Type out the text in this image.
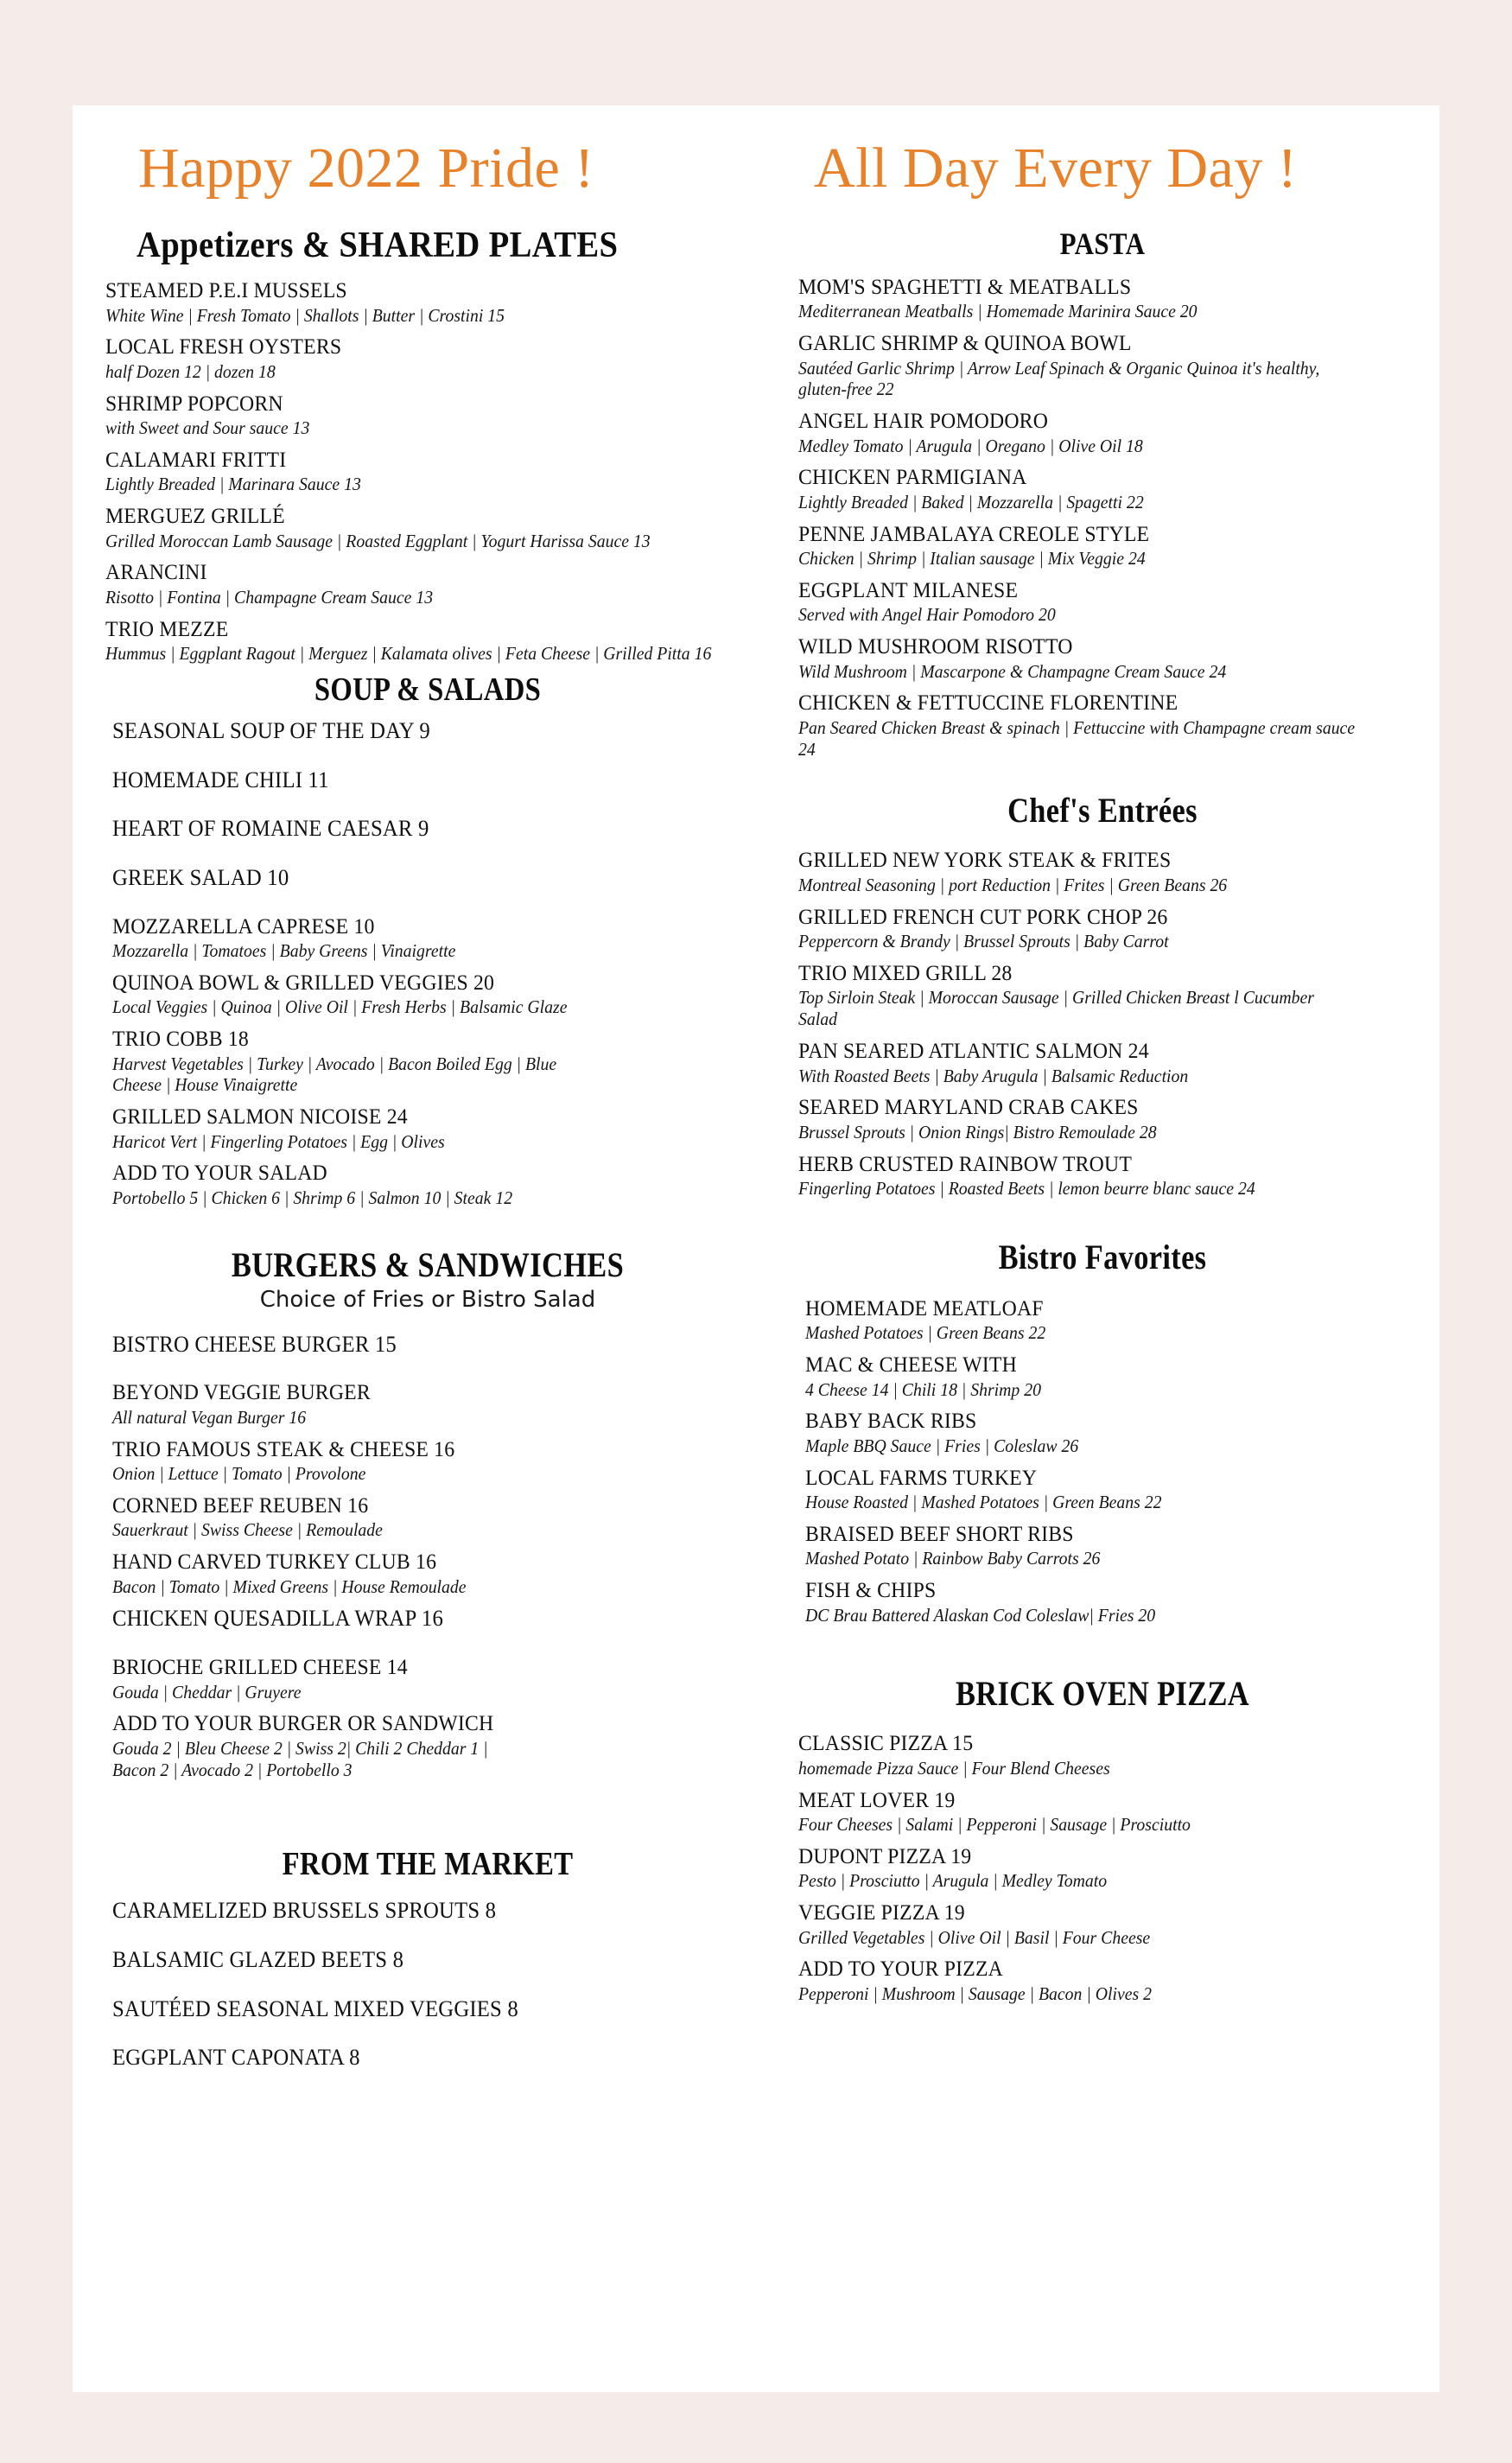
Happy 2022 Pride !
Appetizers & SHARED PLATES
STEAMED P.E.I MUSSELS
White Wine | Fresh Tomato | Shallots | Butter | Crostini 15
LOCAL FRESH OYSTERS
half Dozen 12 | dozen 18
SHRIMP POPCORN
with Sweet and Sour sauce 13
CALAMARI FRITTI
Lightly Breaded | Marinara Sauce 13
MERGUEZ GRILLÉ
Grilled Moroccan Lamb Sausage | Roasted Eggplant | Yogurt Harissa Sauce 13
ARANCINI
Risotto | Fontina | Champagne Cream Sauce 13
TRIO MEZZE
Hummus | Eggplant Ragout | Merguez | Kalamata olives | Feta Cheese | Grilled Pitta 16
SOUP & SALADS
SEASONAL SOUP OF THE DAY 9
HOMEMADE CHILI 11
HEART OF ROMAINE CAESAR 9
GREEK SALAD 10
MOZZARELLA CAPRESE 10
Mozzarella | Tomatoes | Baby Greens | Vinaigrette
QUINOA BOWL & GRILLED VEGGIES 20
Local Veggies | Quinoa | Olive Oil | Fresh Herbs | Balsamic Glaze
TRIO COBB 18
Harvest Vegetables | Turkey | Avocado | Bacon Boiled Egg | Blue Cheese | House Vinaigrette
GRILLED SALMON NICOISE 24
Haricot Vert | Fingerling Potatoes | Egg | Olives
ADD TO YOUR SALAD
Portobello 5 | Chicken 6 | Shrimp 6 | Salmon 10 | Steak 12
BURGERS & SANDWICHES
Choice of Fries or Bistro Salad
BISTRO CHEESE BURGER 15
BEYOND VEGGIE BURGER
All natural Vegan Burger 16
TRIO FAMOUS STEAK & CHEESE 16
Onion | Lettuce | Tomato | Provolone
CORNED BEEF REUBEN 16
Sauerkraut | Swiss Cheese | Remoulade
HAND CARVED TURKEY CLUB 16
Bacon | Tomato | Mixed Greens | House Remoulade
CHICKEN QUESADILLA WRAP 16
BRIOCHE GRILLED CHEESE 14
Gouda | Cheddar | Gruyere
ADD TO YOUR BURGER OR SANDWICH
Gouda 2 | Bleu Cheese 2 | Swiss 2| Chili 2 Cheddar 1 | Bacon 2 | Avocado 2 | Portobello 3
FROM THE MARKET
CARAMELIZED BRUSSELS SPROUTS 8
BALSAMIC GLAZED BEETS 8
SAUTÉED SEASONAL MIXED VEGGIES 8
EGGPLANT CAPONATA 8
All Day Every Day !
PASTA
MOM'S SPAGHETTI & MEATBALLS
Mediterranean Meatballs | Homemade Marinira Sauce 20
GARLIC SHRIMP & QUINOA BOWL
Sautéed Garlic Shrimp | Arrow Leaf Spinach & Organic Quinoa it's healthy, gluten-free 22
ANGEL HAIR POMODORO
Medley Tomato | Arugula | Oregano | Olive Oil 18
CHICKEN PARMIGIANA
Lightly Breaded | Baked | Mozzarella | Spagetti 22
PENNE JAMBALAYA CREOLE STYLE
Chicken | Shrimp | Italian sausage | Mix Veggie 24
EGGPLANT MILANESE
Served with Angel Hair Pomodoro 20
WILD MUSHROOM RISOTTO
Wild Mushroom | Mascarpone & Champagne Cream Sauce 24
CHICKEN & FETTUCCINE FLORENTINE
Pan Seared Chicken Breast & spinach | Fettuccine with Champagne cream sauce 24
Chef's Entrées
GRILLED NEW YORK STEAK & FRITES
Montreal Seasoning | port Reduction | Frites | Green Beans 26
GRILLED FRENCH CUT PORK CHOP 26
Peppercorn & Brandy | Brussel Sprouts | Baby Carrot
TRIO MIXED GRILL 28
Top Sirloin Steak | Moroccan Sausage | Grilled Chicken Breast l Cucumber Salad
PAN SEARED ATLANTIC SALMON 24
With Roasted Beets | Baby Arugula | Balsamic Reduction
SEARED MARYLAND CRAB CAKES
Brussel Sprouts | Onion Rings| Bistro Remoulade 28
HERB CRUSTED RAINBOW TROUT
Fingerling Potatoes | Roasted Beets | lemon beurre blanc sauce 24
Bistro Favorites
HOMEMADE MEATLOAF
Mashed Potatoes | Green Beans 22
MAC & CHEESE WITH
4 Cheese 14 | Chili 18 | Shrimp 20
BABY BACK RIBS
Maple BBQ Sauce | Fries | Coleslaw 26
LOCAL FARMS TURKEY
House Roasted | Mashed Potatoes | Green Beans 22
BRAISED BEEF SHORT RIBS
Mashed Potato | Rainbow Baby Carrots 26
FISH & CHIPS
DC Brau Battered Alaskan Cod Coleslaw| Fries 20
BRICK OVEN PIZZA
CLASSIC PIZZA 15
homemade Pizza Sauce | Four Blend Cheeses
MEAT LOVER 19
Four Cheeses | Salami | Pepperoni | Sausage | Prosciutto
DUPONT PIZZA 19
Pesto | Prosciutto | Arugula | Medley Tomato
VEGGIE PIZZA 19
Grilled Vegetables | Olive Oil | Basil | Four Cheese
ADD TO YOUR PIZZA
Pepperoni | Mushroom | Sausage | Bacon | Olives 2
